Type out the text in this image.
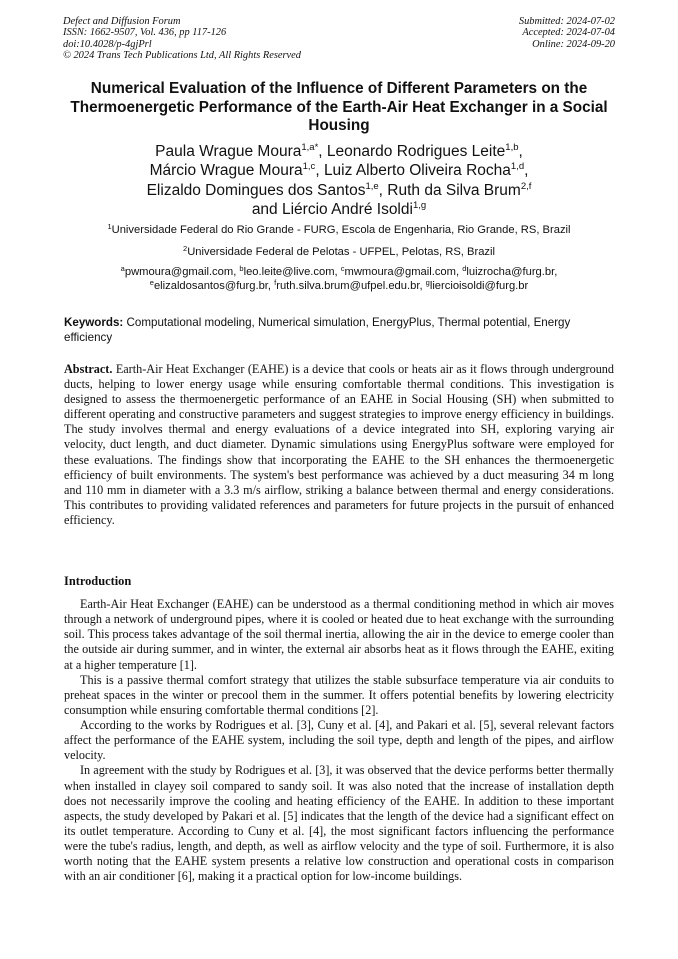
Defect and Diffusion Forum
ISSN: 1662-9507, Vol. 436, pp 117-126
doi:10.4028/p-4gjPrl
© 2024 Trans Tech Publications Ltd, All Rights Reserved
Submitted: 2024-07-02
Accepted: 2024-07-04
Online: 2024-09-20
Numerical Evaluation of the Influence of Different Parameters on the Thermoenergetic Performance of the Earth-Air Heat Exchanger in a Social Housing
Paula Wrague Moura$^{1,a*}$, Leonardo Rodrigues Leite$^{1,b}$,
Márcio Wrague Moura$^{1,c}$, Luiz Alberto Oliveira Rocha$^{1,d}$,
Elizaldo Domingues dos Santos$^{1,e}$, Ruth da Silva Brum$^{2,f}$
and Liércio André Isoldi$^{1,g}$
$^1$Universidade Federal do Rio Grande - FURG, Escola de Engenharia, Rio Grande, RS, Brazil
$^2$Universidade Federal de Pelotas - UFPEL, Pelotas, RS, Brazil
$^a$pwmoura@gmail.com, $^b$leo.leite@live.com, $^c$mwmoura@gmail.com, $^d$luizrocha@furg.br,
$^e$elizaldosantos@furg.br, $^f$ruth.silva.brum@ufpel.edu.br, $^g$liercioisoldi@furg.br
Keywords: Computational modeling, Numerical simulation, EnergyPlus, Thermal potential, Energy efficiency
Abstract. Earth-Air Heat Exchanger (EAHE) is a device that cools or heats air as it flows through underground ducts, helping to lower energy usage while ensuring comfortable thermal conditions. This investigation is designed to assess the thermoenergetic performance of an EAHE in Social Housing (SH) when submitted to different operating and constructive parameters and suggest strategies to improve energy efficiency in buildings. The study involves thermal and energy evaluations of a device integrated into SH, exploring varying air velocity, duct length, and duct diameter. Dynamic simulations using EnergyPlus software were employed for these evaluations. The findings show that incorporating the EAHE to the SH enhances the thermoenergetic efficiency of built environments. The system's best performance was achieved by a duct measuring 34 m long and 110 mm in diameter with a 3.3 m/s airflow, striking a balance between thermal and energy considerations. This contributes to providing validated references and parameters for future projects in the pursuit of enhanced efficiency.
Introduction

Earth-Air Heat Exchanger (EAHE) can be understood as a thermal conditioning method in which air moves through a network of underground pipes, where it is cooled or heated due to heat exchange with the surrounding soil. This process takes advantage of the soil thermal inertia, allowing the air in the device to emerge cooler than the outside air during summer, and in winter, the external air absorbs heat as it flows through the EAHE, exiting at a higher temperature [1].

This is a passive thermal comfort strategy that utilizes the stable subsurface temperature via air conduits to preheat spaces in the winter or precool them in the summer. It offers potential benefits by lowering electricity consumption while ensuring comfortable thermal conditions [2].

According to the works by Rodrigues et al. [3], Cuny et al. [4], and Pakari et al. [5], several relevant factors affect the performance of the EAHE system, including the soil type, depth and length of the pipes, and airflow velocity.

In agreement with the study by Rodrigues et al. [3], it was observed that the device performs better thermally when installed in clayey soil compared to sandy soil. It was also noted that the increase of installation depth does not necessarily improve the cooling and heating efficiency of the EAHE. In addition to these important aspects, the study developed by Pakari et al. [5] indicates that the length of the device had a significant effect on its outlet temperature. According to Cuny et al. [4], the most significant factors influencing the performance were the tube's radius, length, and depth, as well as airflow velocity and the type of soil. Furthermore, it is also worth noting that the EAHE system presents a relative low construction and operational costs in comparison with an air conditioner [6], making it a practical option for low-income buildings.
